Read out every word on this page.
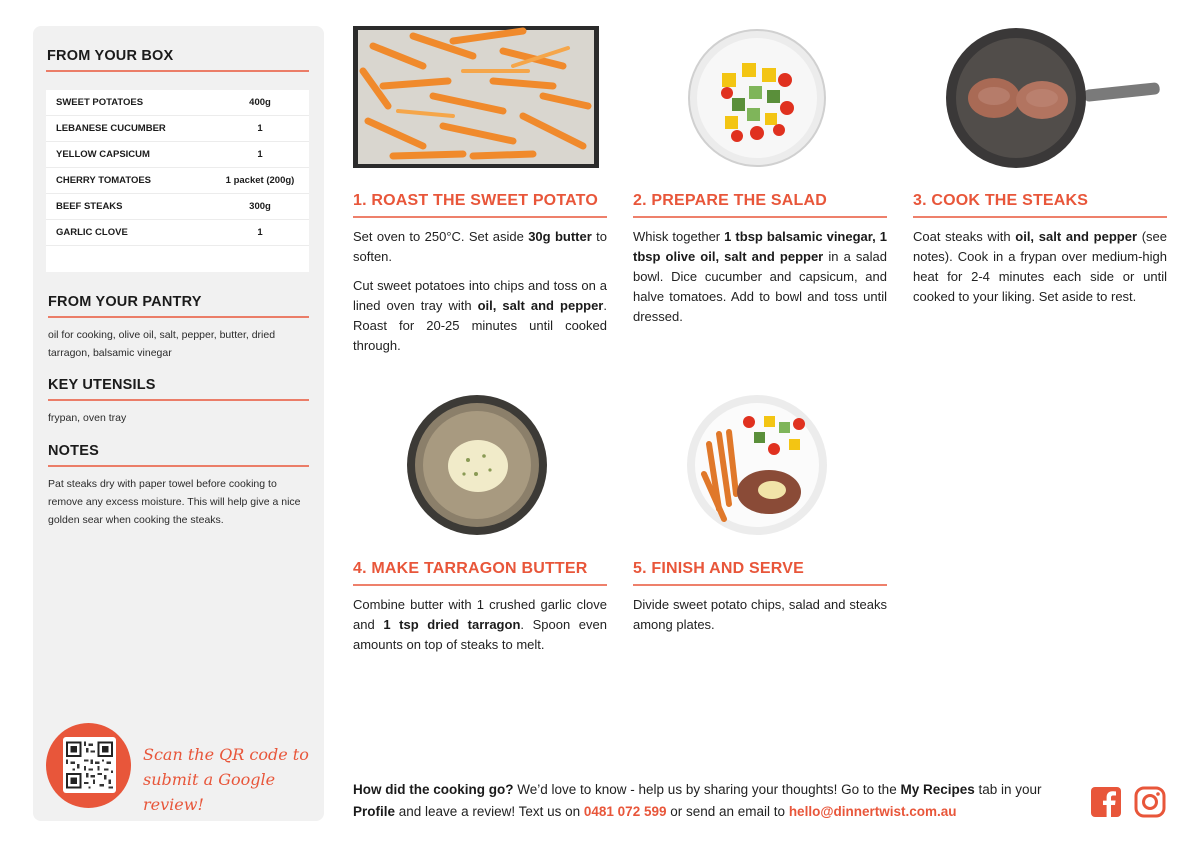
FROM YOUR BOX
SWEET POTATOES	400g
LEBANESE CUCUMBER	1
YELLOW CAPSICUM	1
CHERRY TOMATOES	1 packet (200g)
BEEF STEAKS	300g
GARLIC CLOVE	1
FROM YOUR PANTRY

oil for cooking, olive oil, salt, pepper, butter, dried tarragon, balsamic vinegar

KEY UTENSILS

frypan, oven tray

NOTES

Pat steaks dry with paper towel before cooking to remove any excess moisture. This will help give a nice golden sear when cooking the steaks.

Scan the QR code to
submit a Google review!
1. ROAST THE SWEET POTATO 2. PREPARE THE SALAD	3. COOK THE STEAKS
4. MAKE TARRAGON BUTTER	5. FINISH AND SERVE

Set oven to 250°C. Set aside 30g butter to soften.

Cut sweet potatoes into chips and toss on a lined oven tray with oil, salt and pepper. Roast for 20-25 minutes until cooked through.

Whisk together 1 tbsp balsamic vinegar, 1 tbsp olive oil, salt and pepper in a salad bowl. Dice cucumber and capsicum, and halve tomatoes. Add to bowl and toss until dressed.

Coat steaks with oil, salt and pepper (see notes). Cook in a frypan over medium-high heat for 2-4 minutes each side or until cooked to your liking. Set aside to rest.

Combine butter with 1 crushed garlic clove and 1 tsp dried tarragon. Spoon even amounts on top of steaks to melt.

Divide sweet potato chips, salad and steaks among plates.

How did the cooking go? We’d love to know - help us by sharing your thoughts! Go to the My Recipes tab in your Profile and leave a review! Text us on 0481 072 599 or send an email to hello@dinnertwist.com.au
